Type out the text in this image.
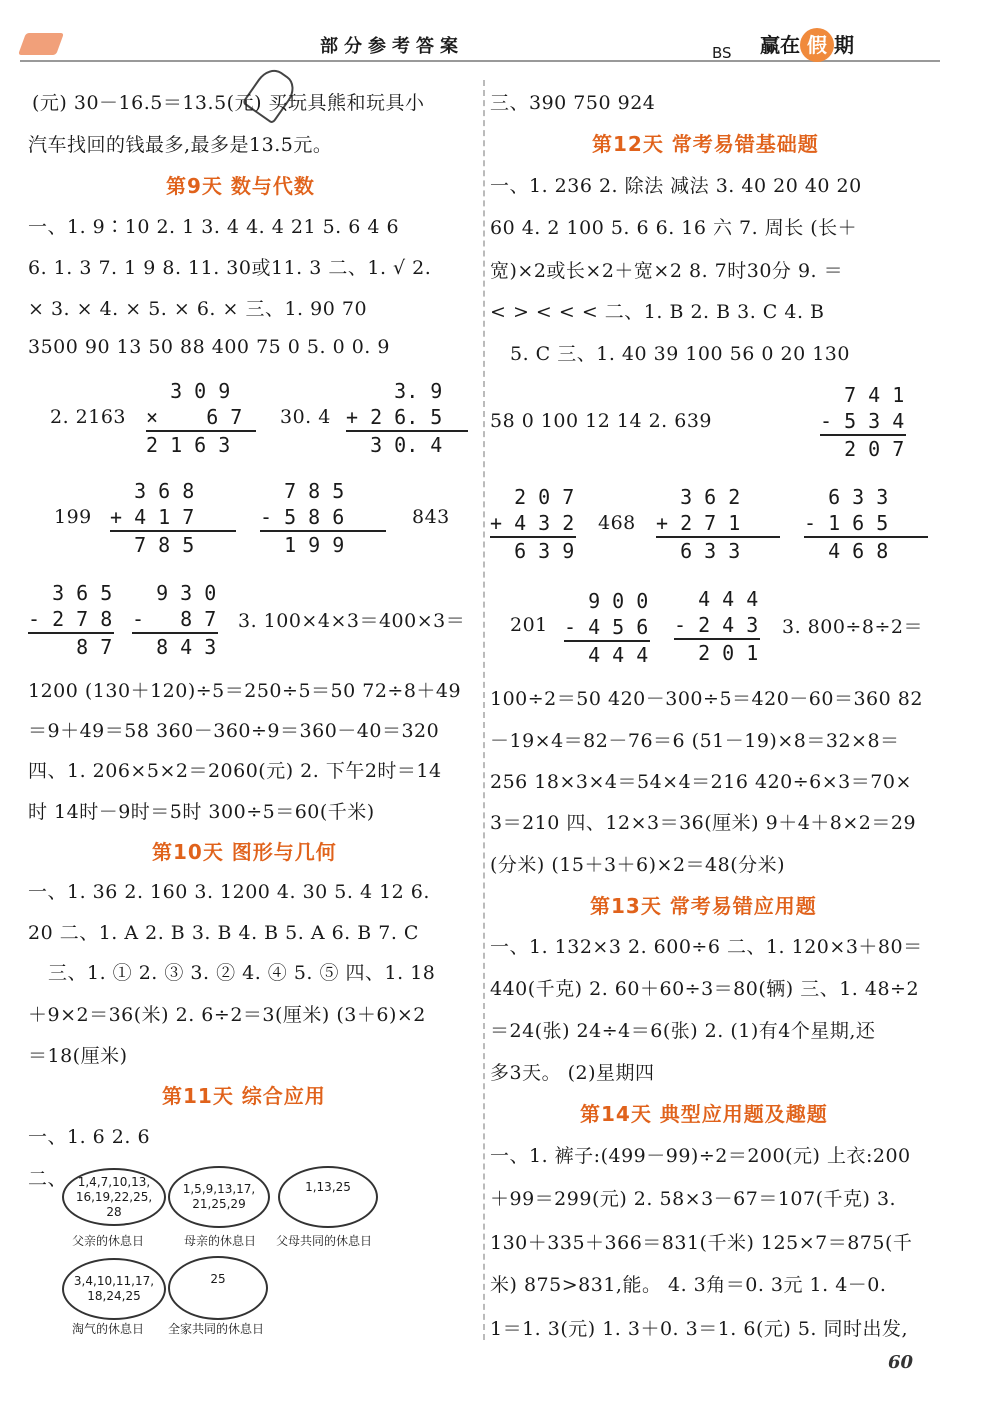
部分参考答案	BS 赢在 假 期
(元) 30－16.5＝13.5(元) 买玩具熊和玩具小
汽车找回的钱最多,最多是13.5元。
第9天 数与代数
一、1. 9∶10 2. 1 3. 4 4. 4 21 5. 6 4 6
6. 1. 3 7. 1 9 8. 11. 30或11. 3 二、1. √ 2.
× 3. × 4. × 5. × 6. × 三、1. 90 70
3500 90 13 50 88 400 75 0 5. 0 0. 9
2. 2163
3 0 9
×    6 7
2 1 6 3
30. 4
3. 9
+ 2 6. 5
3 0. 4
199
3 6 8
+ 4 1 7
7 8 5
7 8 5
- 5 8 6
1 9 9
843
3 6 5
- 2 7 8
8 7
9 3 0
-   8 7
8 4 3
3. 100×4×3＝400×3＝
1200 (130＋120)÷5＝250÷5＝50 72÷8＋49
＝9＋49＝58 360－360÷9＝360－40＝320
四、1. 206×5×2＝2060(元) 2. 下午2时＝14
时 14时－9时＝5时 300÷5＝60(千米)
第10天 图形与几何
一、1. 36 2. 160 3. 1200 4. 30 5. 4 12 6.
20 二、1. A 2. B 3. B 4. B 5. A 6. B 7. C
三、1. ① 2. ③ 3. ② 4. ④ 5. ⑤ 四、1. 18
＋9×2＝36(米) 2. 6÷2＝3(厘米) (3＋6)×2
＝18(厘米)
第11天 综合应用
一、1. 6 2. 6
二、 1,4,7,10,13,
16,19,22,25,
28
父亲的休息日
1,5,9,13,17,
21,25,29
母亲的休息日
1,13,25
父母共同的休息日
3,4,10,11,17,
18,24,25
淘气的休息日
25
全家共同的休息日
三、390 750 924
第12天 常考易错基础题
一、1. 236 2. 除法 减法 3. 40 20 40 20
60 4. 2 100 5. 6 6. 16 六 7. 周长 (长＋
宽)×2或长×2＋宽×2 8. 7时30分 9. ＝
< > < < < 二、1. B 2. B 3. C 4. B
5. C 三、1. 40 39 100 56 0 20 130
58 0 100 12 14 2. 639
7 4 1
- 5 3 4
2 0 7
2 0 7
+ 4 3 2
6 3 9
468
3 6 2
+ 2 7 1
6 3 3
6 3 3
- 1 6 5
4 6 8
201
9 0 0
- 4 5 6
4 4 4
4 4 4
- 2 4 3
2 0 1
3. 800÷8÷2＝
100÷2＝50 420－300÷5＝420－60＝360 82
－19×4＝82－76＝6 (51－19)×8＝32×8＝
256 18×3×4＝54×4＝216 420÷6×3＝70×
3＝210 四、12×3＝36(厘米) 9＋4＋8×2＝29
(分米) (15＋3＋6)×2＝48(分米)
第13天 常考易错应用题
一、1. 132×3 2. 600÷6 二、1. 120×3＋80＝
440(千克) 2. 60＋60÷3＝80(辆) 三、1. 48÷2
＝24(张) 24÷4＝6(张) 2. (1)有4个星期,还
多3天。 (2)星期四
第14天 典型应用题及趣题
一、1. 裤子:(499－99)÷2＝200(元) 上衣:200
＋99＝299(元) 2. 58×3－67＝107(千克) 3.
130＋335＋366＝831(千米) 125×7＝875(千
米) 875>831,能。 4. 3角＝0. 3元 1. 4－0.
1＝1. 3(元) 1. 3＋0. 3＝1. 6(元) 5. 同时出发,
60
